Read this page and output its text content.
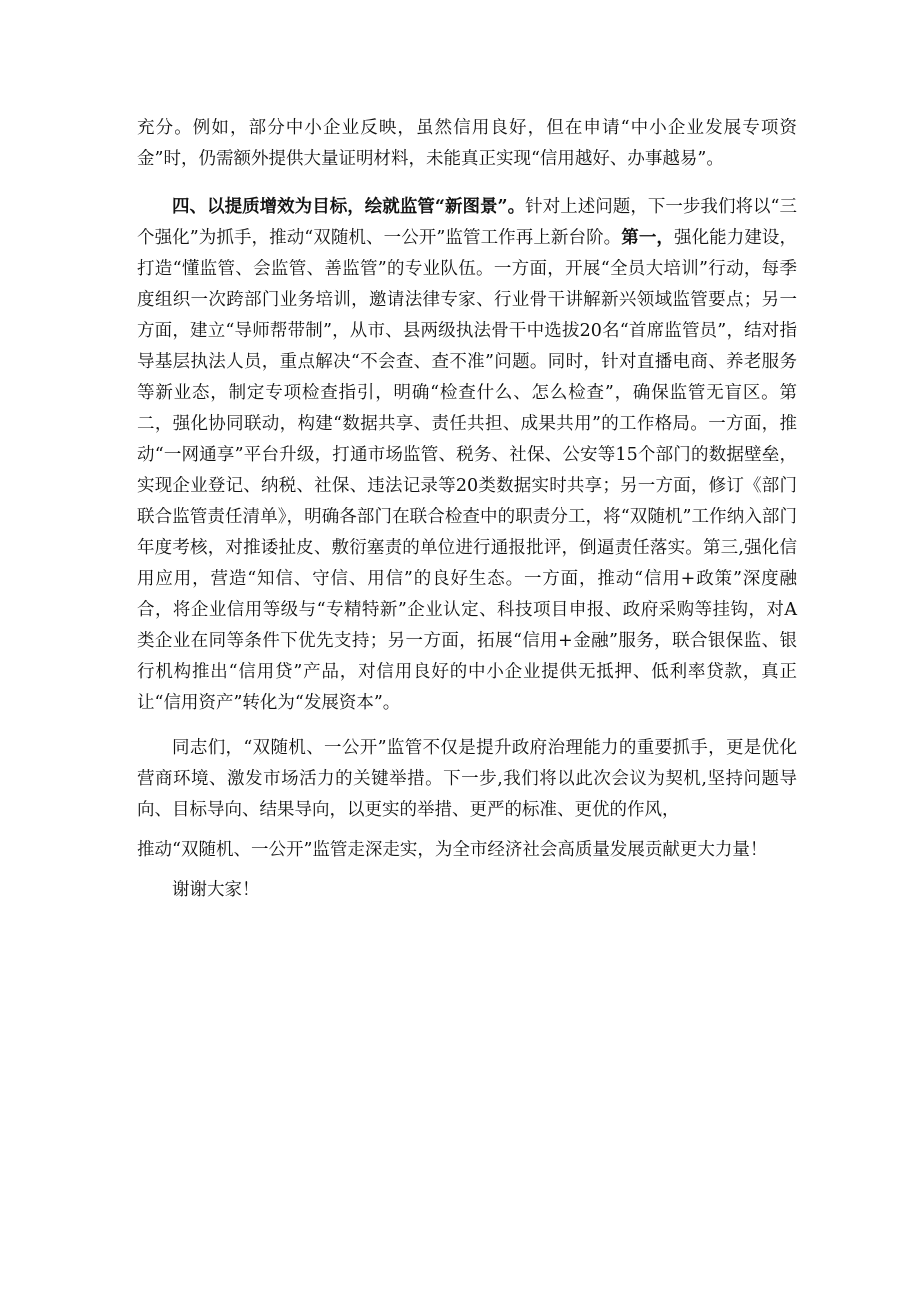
充分。例如，部分中小企业反映，虽然信用良好，但在申请“中小企业发展专项资金”时，仍需额外提供大量证明材料，未能真正实现“信用越好、办事越易”。

四、以提质增效为目标，绘就监管“新图景”。针对上述问题，下一步我们将以“三个强化”为抓手，推动“双随机、一公开”监管工作再上新台阶。第一，强化能力建设，打造“懂监管、会监管、善监管”的专业队伍。一方面，开展“全员大培训”行动，每季度组织一次跨部门业务培训，邀请法律专家、行业骨干讲解新兴领域监管要点；另一方面，建立“导师帮带制”，从市、县两级执法骨干中选拔20名“首席监管员”，结对指导基层执法人员，重点解决“不会查、查不准”问题。同时，针对直播电商、养老服务等新业态，制定专项检查指引，明确“检查什么、怎么检查”，确保监管无盲区。第二，强化协同联动，构建“数据共享、责任共担、成果共用”的工作格局。一方面，推动“一网通享”平台升级，打通市场监管、税务、社保、公安等15个部门的数据壁垒，实现企业登记、纳税、社保、违法记录等20类数据实时共享；另一方面，修订《部门联合监管责任清单》，明确各部门在联合检查中的职责分工，将“双随机”工作纳入部门年度考核，对推诿扯皮、敷衍塞责的单位进行通报批评，倒逼责任落实。第三,强化信用应用，营造“知信、守信、用信”的良好生态。一方面，推动“信用+政策”深度融合，将企业信用等级与“专精特新”企业认定、科技项目申报、政府采购等挂钩，对A类企业在同等条件下优先支持；另一方面，拓展“信用+金融”服务，联合银保监、银行机构推出“信用贷”产品，对信用良好的中小企业提供无抵押、低利率贷款，真正让“信用资产”转化为“发展资本”。

同志们，“双随机、一公开”监管不仅是提升政府治理能力的重要抓手，更是优化营商环境、激发市场活力的关键举措。下一步,我们将以此次会议为契机,坚持问题导向、目标导向、结果导向，以更实的举措、更严的标准、更优的作风，

推动“双随机、一公开”监管走深走实，为全市经济社会高质量发展贡献更大力量！

谢谢大家！
